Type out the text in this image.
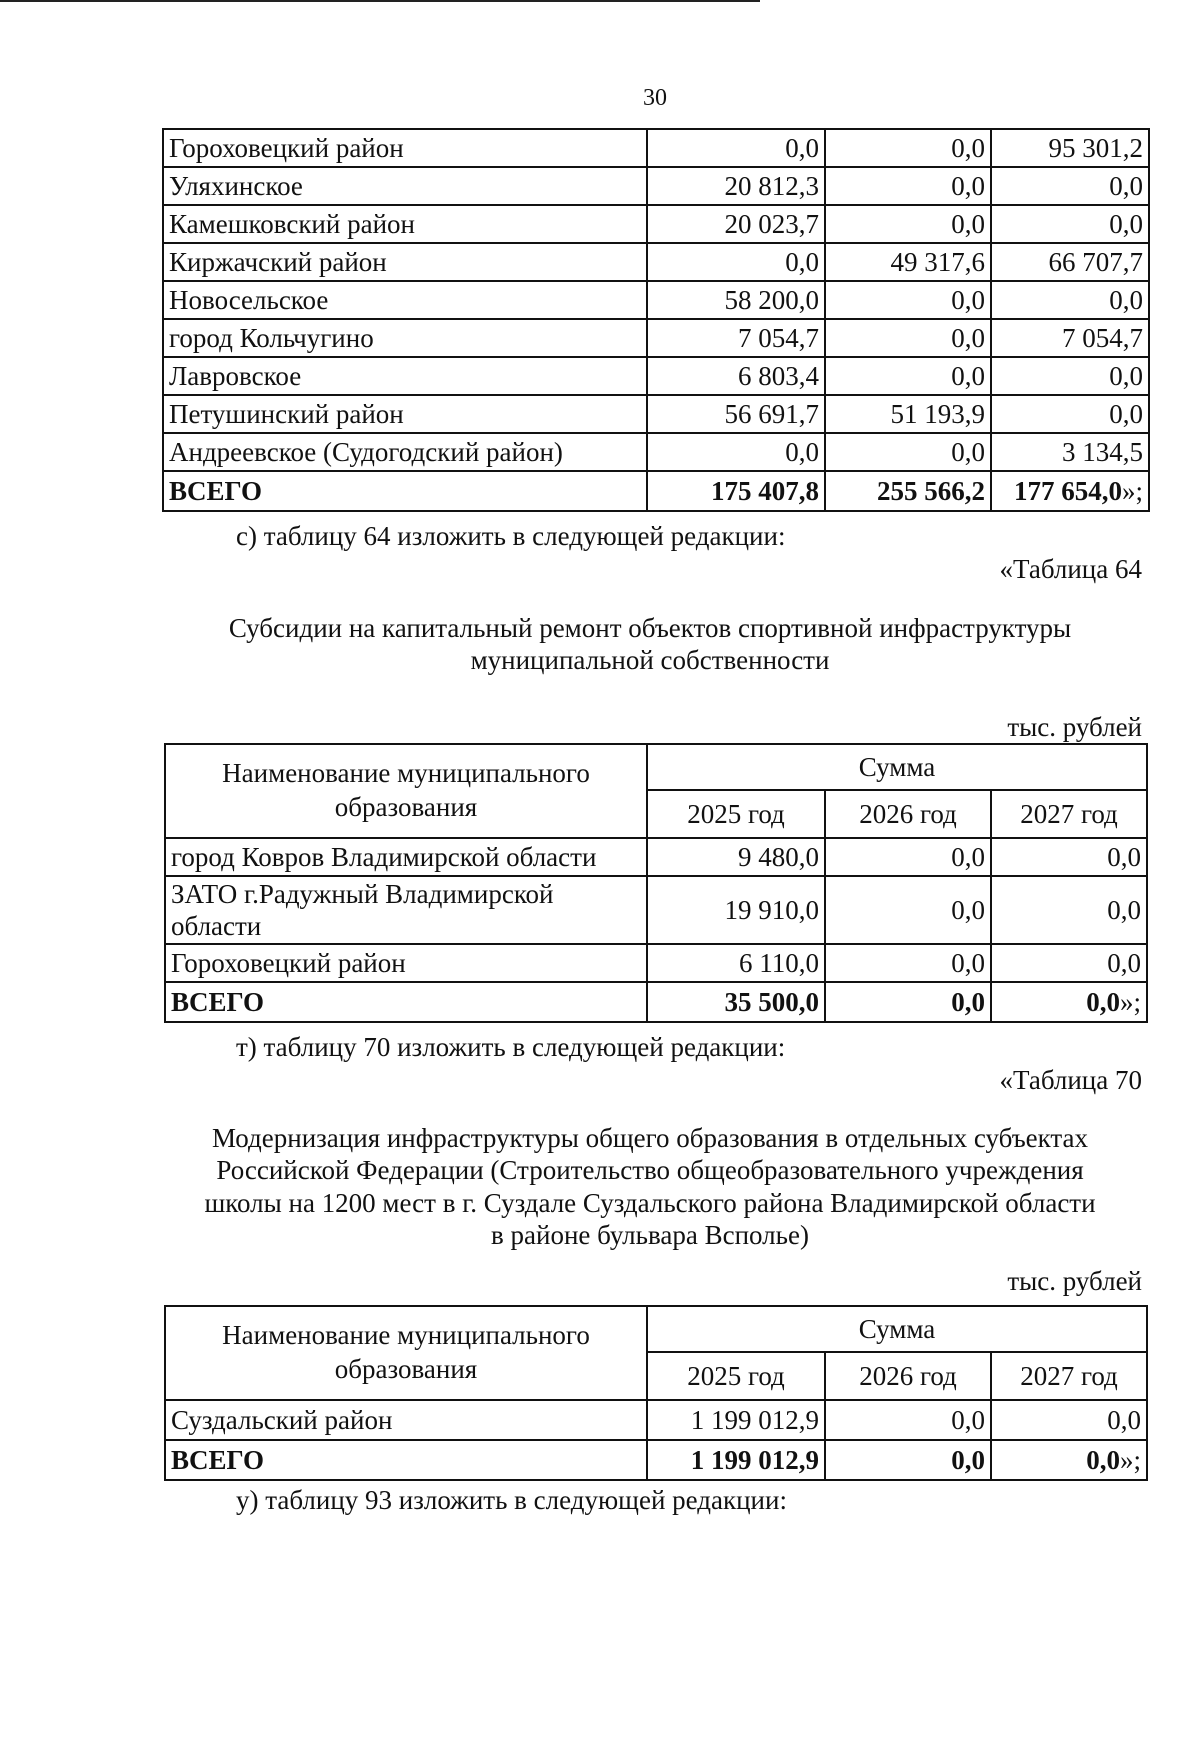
30
Гороховецкий район	0,0	0,0	95 301,2
Уляхинское	20 812,3	0,0	0,0
Камешковский район	20 023,7	0,0	0,0
Киржачский район	0,0	49 317,6	66 707,7
Новосельское	58 200,0	0,0	0,0
город Кольчугино	7 054,7	0,0	7 054,7
Лавровское	6 803,4	0,0	0,0
Петушинский район	56 691,7	51 193,9	0,0
Андреевское (Судогодский район)	0,0	0,0	3 134,5
ВСЕГО	175 407,8	255 566,2	177 654,0»;
с) таблицу 64 изложить в следующей редакции:
«Таблица 64
Субсидии на капитальный ремонт объектов спортивной инфраструктуры
муниципальной собственности
тыс. рублей
Наименование муниципального
образования	Сумма		
	2025 год	2026 год	2027 год
город Ковров Владимирской области	9 480,0	0,0	0,0

ЗАТО г.Радужный Владимирской
области	19 910,0	0,0	0,0
Гороховецкий район	6 110,0	0,0	0,0
ВСЕГО	35 500,0	0,0	0,0»;
т) таблицу 70 изложить в следующей редакции:
«Таблица 70
Модернизация инфраструктуры общего образования в отдельных субъектах
Российской Федерации (Строительство общеобразовательного учреждения
школы на 1200 мест в г. Суздале Суздальского района Владимирской области
в районе бульвара Всполье)
тыс. рублей
Наименование муниципального
образования	Сумма		
	2025 год	2026 год	2027 год
Суздальский район	1 199 012,9	0,0	0,0
ВСЕГО	1 199 012,9	0,0	0,0»;
у) таблицу 93 изложить в следующей редакции:
